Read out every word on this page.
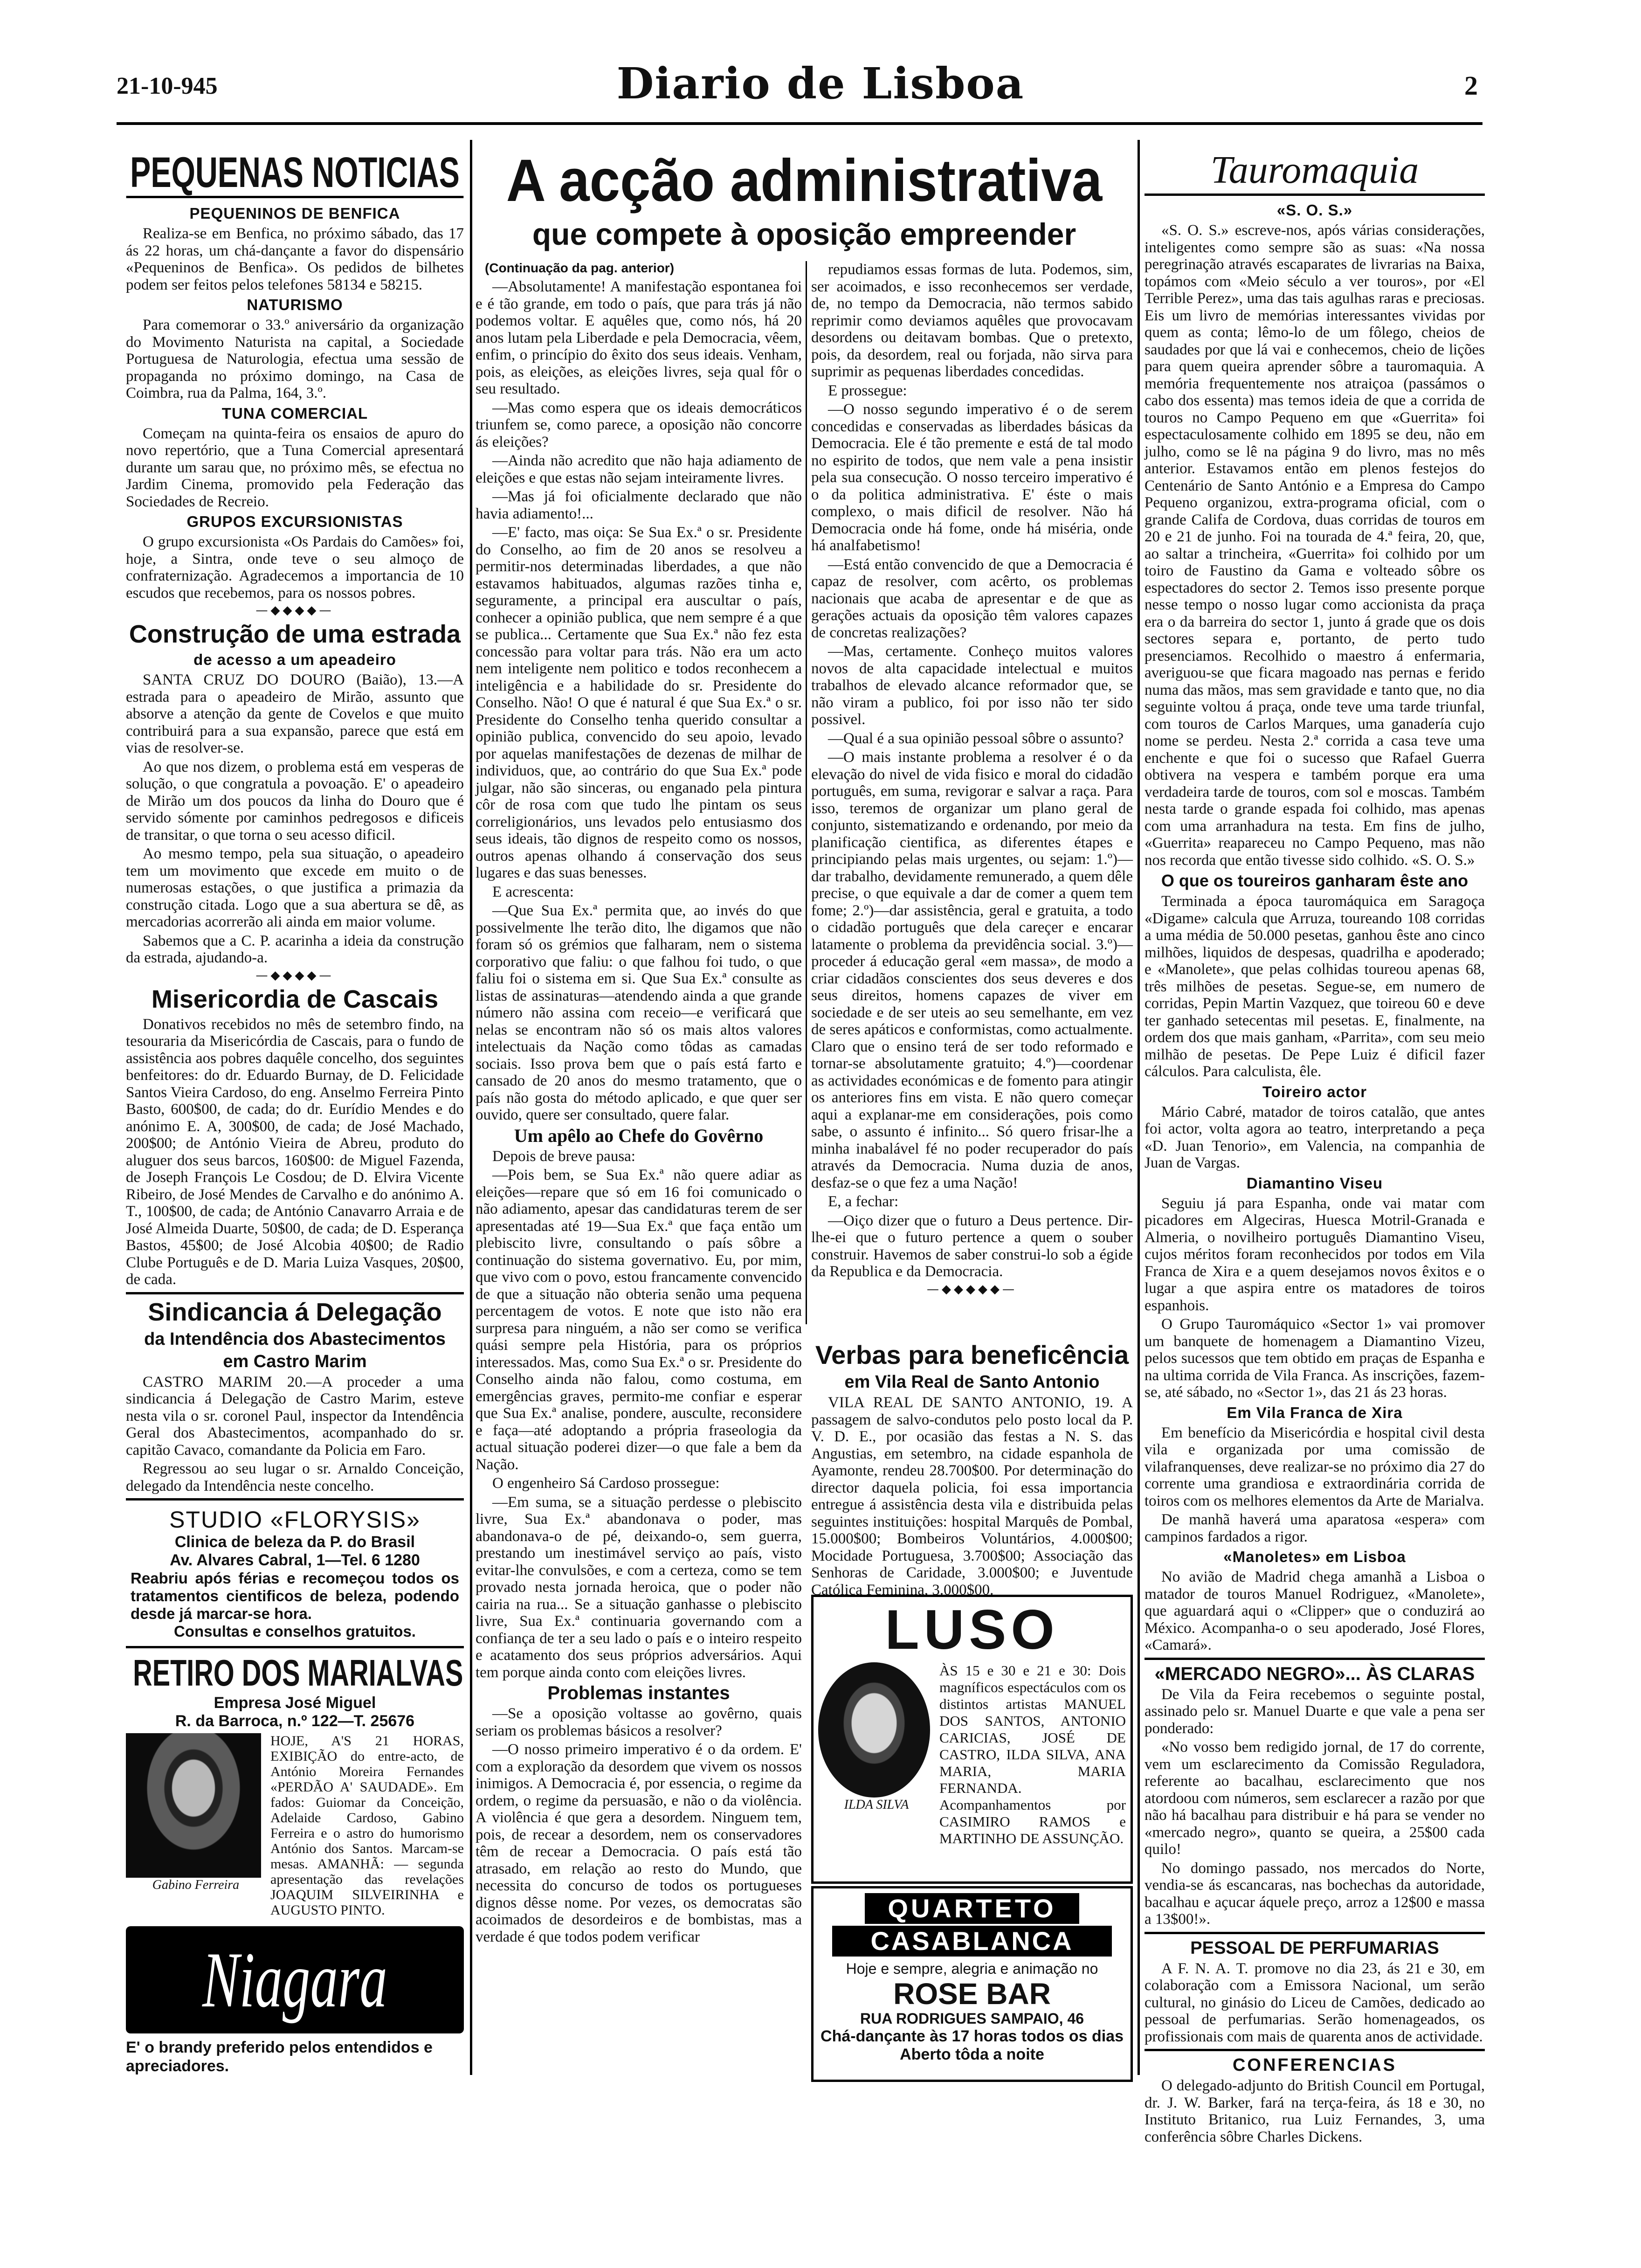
21-10-945	Diario de Lisboa	2
PEQUENAS NOTICIAS
PEQUENINOS DE BENFICA

Realiza-se em Benfica, no próximo sábado, das 17 ás 22 horas, um chá-dançante a favor do dispensário «Pequeninos de Benfica». Os pedidos de bilhetes podem ser feitos pelos telefones 58134 e 58215.

NATURISMO

Para comemorar o 33.º aniversário da organização do Movimento Naturista na capital, a Sociedade Portuguesa de Naturologia, efectua uma sessão de propaganda no próximo domingo, na Casa de Coimbra, rua da Palma, 164, 3.º.

TUNA COMERCIAL

Começam na quinta-feira os ensaios de apuro do novo repertório, que a Tuna Comercial apresentará durante um sarau que, no próximo mês, se efectua no Jardim Cinema, promovido pela Federação das Sociedades de Recreio.

GRUPOS EXCURSIONISTAS

O grupo excursionista «Os Pardais do Camões» foi, hoje, a Sintra, onde teve o seu almoço de confraternização. Agradecemos a importancia de 10 escudos que recebemos, para os nossos pobres.

—◆◆◆◆—
Construção de uma estrada
de acesso a um apeadeiro

SANTA CRUZ DO DOURO (Baião), 13.—A estrada para o apeadeiro de Mirão, assunto que absorve a atenção da gente de Covelos e que muito contribuirá para a sua expansão, parece que está em vias de resolver-se.

Ao que nos dizem, o problema está em vesperas de solução, o que congratula a povoação. E' o apeadeiro de Mirão um dos poucos da linha do Douro que é servido sómente por caminhos pedregosos e dificeis de transitar, o que torna o seu acesso dificil.

Ao mesmo tempo, pela sua situação, o apeadeiro tem um movimento que excede em muito o de numerosas estações, o que justifica a primazia da construção citada. Logo que a sua abertura se dê, as mercadorias acorrerão ali ainda em maior volume.

Sabemos que a C. P. acarinha a ideia da construção da estrada, ajudando-a.

—◆◆◆◆—
Misericordia de Cascais

Donativos recebidos no mês de setembro findo, na tesouraria da Misericórdia de Cascais, para o fundo de assistência aos pobres daquêle concelho, dos seguintes benfeitores: do dr. Eduardo Burnay, de D. Felicidade Santos Vieira Cardoso, do eng. Anselmo Ferreira Pinto Basto, 600$00, de cada; do dr. Eurídio Mendes e do anónimo E. A, 300$00, de cada; de José Machado, 200$00; de António Vieira de Abreu, produto do aluguer dos seus barcos, 160$00: de Miguel Fazenda, de Joseph François Le Cosdou; de D. Elvira Vicente Ribeiro, de José Mendes de Carvalho e do anónimo A. T., 100$00, de cada; de António Canavarro Arraia e de José Almeida Duarte, 50$00, de cada; de D. Esperança Bastos, 45$00; de José Alcobia 40$00; de Radio Clube Português e de D. Maria Luiza Vasques, 20$00, de cada.

Sindicancia á Delegação
da Intendência dos Abastecimentos
em Castro Marim

CASTRO MARIM 20.—A proceder a uma sindicancia á Delegação de Castro Marim, esteve nesta vila o sr. coronel Paul, inspector da Intendência Geral dos Abastecimentos, acompanhado do sr. capitão Cavaco, comandante da Policia em Faro.

Regressou ao seu lugar o sr. Arnaldo Conceição, delegado da Intendência neste concelho.

STUDIO «FLORYSIS»
Clinica de beleza da P. do Brasil
Av. Alvares Cabral, 1—Tel. 6 1280
Reabriu após férias e recomeçou todos os tratamentos cientificos de beleza, podendo desde já marcar-se hora.
Consultas e conselhos gratuitos.
RETIRO DOS MARIALVAS
Empresa José Miguel
R. da Barroca, n.º 122—T. 25676
Gabino Ferreira
HOJE, A'S 21 HORAS, EXIBIÇÃO do entre-acto, de António Moreira Fernandes «PERDÃO A' SAUDADE». Em fados: Guiomar da Conceição, Adelaide Cardoso, Gabino Ferreira e o astro do humorismo António dos Santos. Marcam-se mesas. AMANHÃ: — segunda apresentação das revelações JOAQUIM SILVEIRINHA e AUGUSTO PINTO.
Niagara
E' o brandy preferido pelos entendidos e apreciadores.
A acção administrativa
que compete à oposição empreender
(Continuação da pag. anterior)

—Absolutamente! A manifestação espontanea foi e é tão grande, em todo o país, que para trás já não podemos voltar. E aquêles que, como nós, há 20 anos lutam pela Liberdade e pela Democracia, vêem, enfim, o princípio do êxito dos seus ideais. Venham, pois, as eleições, as eleições livres, seja qual fôr o seu resultado.

—Mas como espera que os ideais democráticos triunfem se, como parece, a oposição não concorre ás eleições?

—Ainda não acredito que não haja adiamento de eleições e que estas não sejam inteiramente livres.

—Mas já foi oficialmente declarado que não havia adiamento!...

—E' facto, mas oiça: Se Sua Ex.ª o sr. Presidente do Conselho, ao fim de 20 anos se resolveu a permitir-nos determinadas liberdades, a que não estavamos habituados, algumas razões tinha e, seguramente, a principal era auscultar o país, conhecer a opinião publica, que nem sempre é a que se publica... Certamente que Sua Ex.ª não fez esta concessão para voltar para trás. Não era um acto nem inteligente nem politico e todos reconhecem a inteligência e a habilidade do sr. Presidente do Conselho. Não! O que é natural é que Sua Ex.ª o sr. Presidente do Conselho tenha querido consultar a opinião publica, convencido do seu apoio, levado por aquelas manifestações de dezenas de milhar de individuos, que, ao contrário do que Sua Ex.ª pode julgar, não são sinceras, ou enganado pela pintura côr de rosa com que tudo lhe pintam os seus correligionários, uns levados pelo entusiasmo dos seus ideais, tão dignos de respeito como os nossos, outros apenas olhando á conservação dos seus lugares e das suas benesses.

E acrescenta:

—Que Sua Ex.ª permita que, ao invés do que possivelmente lhe terão dito, lhe digamos que não foram só os grémios que falharam, nem o sistema corporativo que faliu: o que falhou foi tudo, o que faliu foi o sistema em si. Que Sua Ex.ª consulte as listas de assinaturas—atendendo ainda a que grande número não assina com receio—e verificará que nelas se encontram não só os mais altos valores intelectuais da Nação como tôdas as camadas sociais. Isso prova bem que o país está farto e cansado de 20 anos do mesmo tratamento, que o país não gosta do método aplicado, e que quer ser ouvido, quere ser consultado, quere falar.

Um apêlo ao Chefe do Govêrno

Depois de breve pausa:

—Pois bem, se Sua Ex.ª não quere adiar as eleições—repare que só em 16 foi comunicado o não adiamento, apesar das candidaturas terem de ser apresentadas até 19—Sua Ex.ª que faça então um plebiscito livre, consultando o país sôbre a continuação do sistema governativo. Eu, por mim, que vivo com o povo, estou francamente convencido de que a situação não obteria senão uma pequena percentagem de votos. E note que isto não era surpresa para ninguém, a não ser como se verifica quási sempre pela História, para os próprios interessados. Mas, como Sua Ex.ª o sr. Presidente do Conselho ainda não falou, como costuma, em emergências graves, permito-me confiar e esperar que Sua Ex.ª analise, pondere, ausculte, reconsidere e faça—até adoptando a própria fraseologia da actual situação poderei dizer—o que fale a bem da Nação.

O engenheiro Sá Cardoso prossegue:

—Em suma, se a situação perdesse o plebiscito livre, Sua Ex.ª abandonava o poder, mas abandonava-o de pé, deixando-o, sem guerra, prestando um inestimável serviço ao país, visto evitar-lhe convulsões, e com a certeza, como se tem provado nesta jornada heroica, que o poder não cairia na rua... Se a situação ganhasse o plebiscito livre, Sua Ex.ª continuaria governando com a confiança de ter a seu lado o país e o inteiro respeito e acatamento dos seus próprios adversários. Aqui tem porque ainda conto com eleições livres.

Problemas instantes

—Se a oposição voltasse ao govêrno, quais seriam os problemas básicos a resolver?

—O nosso primeiro imperativo é o da ordem. E' com a exploração da desordem que vivem os nossos inimigos. A Democracia é, por essencia, o regime da ordem, o regime da persuasão, e não o da violência. A violência é que gera a desordem. Ninguem tem, pois, de recear a desordem, nem os conservadores têm de recear a Democracia. O país está tão atrasado, em relação ao resto do Mundo, que necessita do concurso de todos os portugueses dignos dêsse nome. Por vezes, os democratas são acoimados de desordeiros e de bombistas, mas a verdade é que todos podem verificar

repudiamos essas formas de luta. Podemos, sim, ser acoimados, e isso reconhecemos ser verdade, de, no tempo da Democracia, não termos sabido reprimir como deviamos aquêles que provocavam desordens ou deitavam bombas. Que o pretexto, pois, da desordem, real ou forjada, não sirva para suprimir as pequenas liberdades concedidas.

E prossegue:

—O nosso segundo imperativo é o de serem concedidas e conservadas as liberdades básicas da Democracia. Ele é tão premente e está de tal modo no espirito de todos, que nem vale a pena insistir pela sua consecução. O nosso terceiro imperativo é o da politica administrativa. E' éste o mais complexo, o mais dificil de resolver. Não há Democracia onde há fome, onde há miséria, onde há analfabetismo!

—Está então convencido de que a Democracia é capaz de resolver, com acêrto, os problemas nacionais que acaba de apresentar e de que as gerações actuais da oposição têm valores capazes de concretas realizações?

—Mas, certamente. Conheço muitos valores novos de alta capacidade intelectual e muitos trabalhos de elevado alcance reformador que, se não viram a publico, foi por isso não ter sido possivel.

—Qual é a sua opinião pessoal sôbre o assunto?

—O mais instante problema a resolver é o da elevação do nivel de vida fisico e moral do cidadão português, em suma, revigorar e salvar a raça. Para isso, teremos de organizar um plano geral de conjunto, sistematizando e ordenando, por meio da planificação cientifica, as diferentes étapes e principiando pelas mais urgentes, ou sejam: 1.º)—dar trabalho, devidamente remunerado, a quem dêle precise, o que equivale a dar de comer a quem tem fome; 2.º)—dar assistência, geral e gratuita, a todo o cidadão português que dela careçer e encarar latamente o problema da previdência social. 3.º)—proceder á educação geral «em massa», de modo a criar cidadãos conscientes dos seus deveres e dos seus direitos, homens capazes de viver em sociedade e de ser uteis ao seu semelhante, em vez de seres apáticos e conformistas, como actualmente. Claro que o ensino terá de ser todo reformado e tornar-se absolutamente gratuito; 4.º)—coordenar as actividades económicas e de fomento para atingir os anteriores fins em vista. E não quero começar aqui a explanar-me em considerações, pois como sabe, o assunto é infinito... Só quero frisar-lhe a minha inabalável fé no poder recuperador do país através da Democracia. Numa duzia de anos, desfaz-se o que fez a uma Nação!

E, a fechar:

—Oiço dizer que o futuro a Deus pertence. Dir-lhe-ei que o futuro pertence a quem o souber construir. Havemos de saber construi-lo sob a égide da Republica e da Democracia.

—◆◆◆◆◆—
Verbas para beneficência
em Vila Real de Santo Antonio

VILA REAL DE SANTO ANTONIO, 19. A passagem de salvo-condutos pelo posto local da P. V. D. E., por ocasião das festas a N. S. das Angustias, em setembro, na cidade espanhola de Ayamonte, rendeu 28.700$00. Por determinação do director daquela policia, foi essa importancia entregue á assistência desta vila e distribuida pelas seguintes instituições: hospital Marquês de Pombal, 15.000$00; Bombeiros Voluntários, 4.000$00; Mocidade Portuguesa, 3.700$00; Associação das Senhoras de Caridade, 3.000$00; e Juventude Católica Feminina, 3.000$00.

LUSO
ILDA SILVA
ÀS 15 e 30 e 21 e 30: Dois magníficos espectáculos com os distintos artistas MANUEL DOS SANTOS, ANTONIO CARICIAS, JOSÉ DE CASTRO, ILDA SILVA, ANA MARIA, MARIA FERNANDA. Acompanhamentos por CASIMIRO RAMOS e MARTINHO DE ASSUNÇÃO.
QUARTETO
CASABLANCA
Hoje e sempre, alegria e animação no
ROSE BAR
RUA RODRIGUES SAMPAIO, 46
Chá-dançante às 17 horas todos os dias
Aberto tôda a noite
Tauromaquia
«S. O. S.»

«S. O. S.» escreve-nos, após várias considerações, inteligentes como sempre são as suas: «Na nossa peregrinação através escaparates de livrarias na Baixa, topámos com «Meio século a ver touros», por «El Terrible Perez», uma das tais agulhas raras e preciosas. Eis um livro de memórias interessantes vividas por quem as conta; lêmo-lo de um fôlego, cheios de saudades por que lá vai e conhecemos, cheio de lições para quem queira aprender sôbre a tauromaquia. A memória frequentemente nos atraiçoa (passámos o cabo dos essenta) mas temos ideia de que a corrida de touros no Campo Pequeno em que «Guerrita» foi espectaculosamente colhido em 1895 se deu, não em julho, como se lê na página 9 do livro, mas no mês anterior. Estavamos então em plenos festejos do Centenário de Santo António e a Empresa do Campo Pequeno organizou, extra-programa oficial, com o grande Califa de Cordova, duas corridas de touros em 20 e 21 de junho. Foi na tourada de 4.ª feira, 20, que, ao saltar a trincheira, «Guerrita» foi colhido por um toiro de Faustino da Gama e volteado sôbre os espectadores do sector 2. Temos isso presente porque nesse tempo o nosso lugar como accionista da praça era o da barreira do sector 1, junto á grade que os dois sectores separa e, portanto, de perto tudo presenciamos. Recolhido o maestro á enfermaria, averiguou-se que ficara magoado nas pernas e ferido numa das mãos, mas sem gravidade e tanto que, no dia seguinte voltou á praça, onde teve uma tarde triunfal, com touros de Carlos Marques, uma ganadería cujo nome se perdeu. Nesta 2.ª corrida a casa teve uma enchente e que foi o sucesso que Rafael Guerra obtivera na vespera e também porque era uma verdadeira tarde de touros, com sol e moscas. Também nesta tarde o grande espada foi colhido, mas apenas com uma arranhadura na testa. Em fins de julho, «Guerrita» reapareceu no Campo Pequeno, mas não nos recorda que então tivesse sido colhido. «S. O. S.»

O que os toureiros ganharam êste ano

Terminada a época tauromáquica em Saragoça «Digame» calcula que Arruza, toureando 108 corridas a uma média de 50.000 pesetas, ganhou êste ano cinco milhões, liquidos de despesas, quadrilha e apoderado; e «Manolete», que pelas colhidas toureou apenas 68, três milhões de pesetas. Segue-se, em numero de corridas, Pepin Martin Vazquez, que toireou 60 e deve ter ganhado setecentas mil pesetas. E, finalmente, na ordem dos que mais ganham, «Parrita», com seu meio milhão de pesetas. De Pepe Luiz é dificil fazer cálculos. Para calculista, êle.

Toireiro actor

Mário Cabré, matador de toiros catalão, que antes foi actor, volta agora ao teatro, interpretando a peça «D. Juan Tenorio», em Valencia, na companhia de Juan de Vargas.

Diamantino Viseu

Seguiu já para Espanha, onde vai matar com picadores em Algeciras, Huesca Motril-Granada e Almeria, o novilheiro português Diamantino Viseu, cujos méritos foram reconhecidos por todos em Vila Franca de Xira e a quem desejamos novos êxitos e o lugar a que aspira entre os matadores de toiros espanhois.

O Grupo Tauromáquico «Sector 1» vai promover um banquete de homenagem a Diamantino Vizeu, pelos sucessos que tem obtido em praças de Espanha e na ultima corrida de Vila Franca. As inscrições, fazem-se, até sábado, no «Sector 1», das 21 ás 23 horas.

Em Vila Franca de Xira

Em benefício da Misericórdia e hospital civil desta vila e organizada por uma comissão de vilafranquenses, deve realizar-se no próximo dia 27 do corrente uma grandiosa e extraordinária corrida de toiros com os melhores elementos da Arte de Marialva.

De manhã haverá uma aparatosa «espera» com campinos fardados a rigor.

«Manoletes» em Lisboa

No avião de Madrid chega amanhã a Lisboa o matador de touros Manuel Rodriguez, «Manolete», que aguardará aqui o «Clipper» que o conduzirá ao México. Acompanha-o o seu apoderado, José Flores, «Camará».

«MERCADO NEGRO»... ÀS CLARAS

De Vila da Feira recebemos o seguinte postal, assinado pelo sr. Manuel Duarte e que vale a pena ser ponderado:

«No vosso bem redigido jornal, de 17 do corrente, vem um esclarecimento da Comissão Reguladora, referente ao bacalhau, esclarecimento que nos atordoou com números, sem esclarecer a razão por que não há bacalhau para distribuir e há para se vender no «mercado negro», quanto se queira, a 25$00 cada quilo!

No domingo passado, nos mercados do Norte, vendia-se ás escancaras, nas bochechas da autoridade, bacalhau e açucar áquele preço, arroz a 12$00 e massa a 13$00!».

PESSOAL DE PERFUMARIAS

A F. N. A. T. promove no dia 23, ás 21 e 30, em colaboração com a Emissora Nacional, um serão cultural, no ginásio do Liceu de Camões, dedicado ao pessoal de perfumarias. Serão homenageados, os profissionais com mais de quarenta anos de actividade.

CONFERENCIAS

O delegado-adjunto do British Council em Portugal, dr. J. W. Barker, fará na terça-feira, ás 18 e 30, no Instituto Britanico, rua Luiz Fernandes, 3, uma conferência sôbre Charles Dickens.
